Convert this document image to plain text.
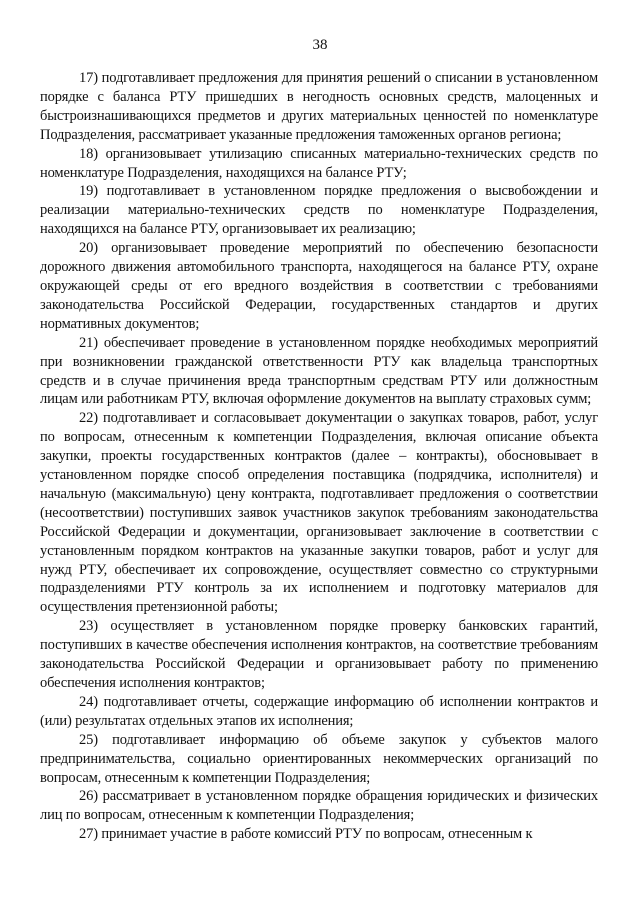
38

17) подготавливает предложения для принятия решений о списании в установленном порядке с баланса РТУ пришедших в негодность основных средств, малоценных и быстроизнашивающихся предметов и других материальных ценностей по номенклатуре Подразделения, рассматривает указанные предложения таможенных органов региона;

18) организовывает утилизацию списанных материально-технических средств по номенклатуре Подразделения, находящихся на балансе РТУ;

19) подготавливает в установленном порядке предложения о высвобождении и реализации материально-технических средств по номенклатуре Подразделения, находящихся на балансе РТУ, организовывает их реализацию;

20) организовывает проведение мероприятий по обеспечению безопасности дорожного движения автомобильного транспорта, находящегося на балансе РТУ, охране окружающей среды от его вредного воздействия в соответствии с требованиями законодательства Российской Федерации, государственных стандартов и других нормативных документов;

21) обеспечивает проведение в установленном порядке необходимых мероприятий при возникновении гражданской ответственности РТУ как владельца транспортных средств и в случае причинения вреда транспортным средствам РТУ или должностным лицам или работникам РТУ, включая оформление документов на выплату страховых сумм;

22) подготавливает и согласовывает документации о закупках товаров, работ, услуг по вопросам, отнесенным к компетенции Подразделения, включая описание объекта закупки, проекты государственных контрактов (далее – контракты), обосновывает в установленном порядке способ определения поставщика (подрядчика, исполнителя) и начальную (максимальную) цену контракта, подготавливает предложения о соответствии (несоответствии) поступивших заявок участников закупок требованиям законодательства Российской Федерации и документации, организовывает заключение в соответствии с установленным порядком контрактов на указанные закупки товаров, работ и услуг для нужд РТУ, обеспечивает их сопровождение, осуществляет совместно со структурными подразделениями РТУ контроль за их исполнением и подготовку материалов для осуществления претензионной работы;

23) осуществляет в установленном порядке проверку банковских гарантий, поступивших в качестве обеспечения исполнения контрактов, на соответствие требованиям законодательства Российской Федерации и организовывает работу по применению обеспечения исполнения контрактов;

24) подготавливает отчеты, содержащие информацию об исполнении контрактов и (или) результатах отдельных этапов их исполнения;

25) подготавливает информацию об объеме закупок у субъектов малого предпринимательства, социально ориентированных некоммерческих организаций по вопросам, отнесенным к компетенции Подразделения;

26) рассматривает в установленном порядке обращения юридических и физических лиц по вопросам, отнесенным к компетенции Подразделения;

27) принимает участие в работе комиссий РТУ по вопросам, отнесенным к
